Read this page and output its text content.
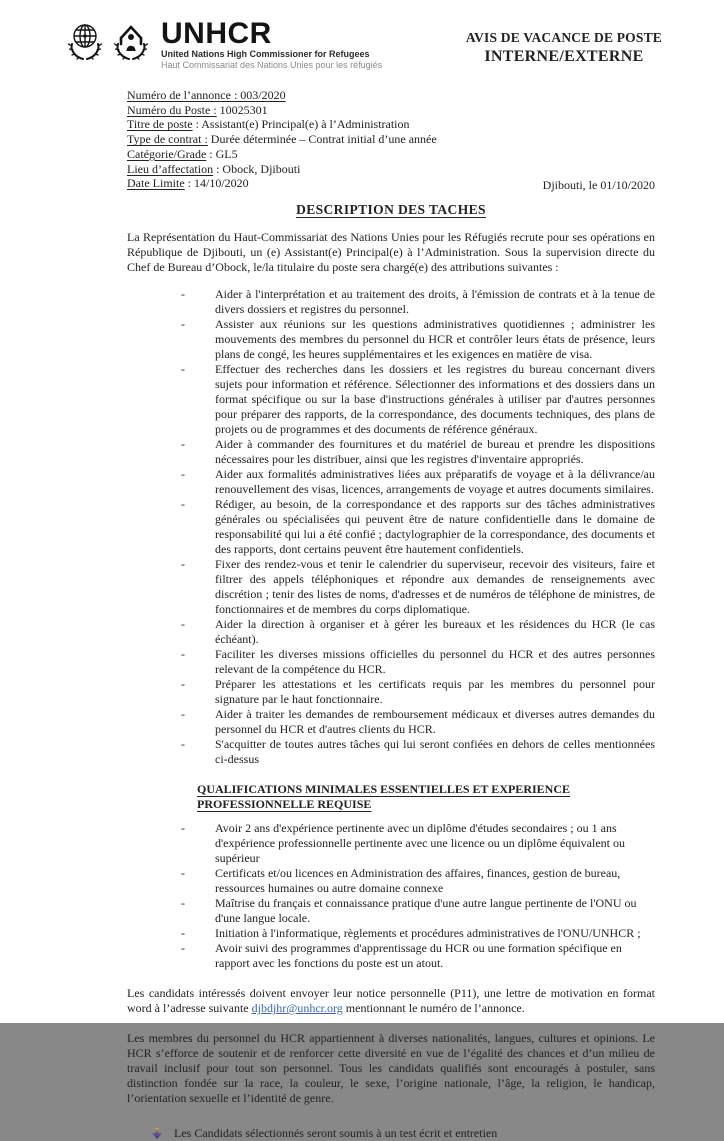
UNHCR
United Nations High Commissioner for Refugees
Haut Commissariat des Nations Unies pour les réfugiés
AVIS DE VACANCE DE POSTE
INTERNE/EXTERNE
Numéro de l’annonce : 003/2020
Numéro du Poste : 10025301
Titre de poste : Assistant(e) Principal(e) à l’Administration
Type de contrat : Durée déterminée – Contrat initial d’une année
Catégorie/Grade : GL5
Lieu d’affectation : Obock, Djibouti
Date Limite : 14/10/2020	Djibouti, le 01/10/2020
DESCRIPTION DES TACHES

La Représentation du Haut-Commissariat des Nations Unies pour les Réfugiés recrute pour ses opérations en République de Djibouti, un (e) Assistant(e) Principal(e) à l’Administration. Sous la supervision directe du Chef de Bureau d’Obock, le/la titulaire du poste sera chargé(e) des attributions suivantes :

- Aider à l'interprétation et au traitement des droits, à l'émission de contrats et à la tenue de divers dossiers et registres du personnel.
- Assister aux réunions sur les questions administratives quotidiennes ; administrer les mouvements des membres du personnel du HCR et contrôler leurs états de présence, leurs plans de congé, les heures supplémentaires et les exigences en matière de visa.
- Effectuer des recherches dans les dossiers et les registres du bureau concernant divers sujets pour information et référence. Sélectionner des informations et des dossiers dans un format spécifique ou sur la base d'instructions générales à utiliser par d'autres personnes pour préparer des rapports, de la correspondance, des documents techniques, des plans de projets ou de programmes et des documents de référence généraux.
- Aider à commander des fournitures et du matériel de bureau et prendre les dispositions nécessaires pour les distribuer, ainsi que les registres d'inventaire appropriés.
- Aider aux formalités administratives liées aux préparatifs de voyage et à la délivrance/au renouvellement des visas, licences, arrangements de voyage et autres documents similaires.
- Rédiger, au besoin, de la correspondance et des rapports sur des tâches administratives générales ou spécialisées qui peuvent être de nature confidentielle dans le domaine de responsabilité qui lui a été confié ; dactylographier de la correspondance, des documents et des rapports, dont certains peuvent être hautement confidentiels.
- Fixer des rendez-vous et tenir le calendrier du superviseur, recevoir des visiteurs, faire et filtrer des appels téléphoniques et répondre aux demandes de renseignements avec discrétion ; tenir des listes de noms, d'adresses et de numéros de téléphone de ministres, de fonctionnaires et de membres du corps diplomatique.
- Aider la direction à organiser et à gérer les bureaux et les résidences du HCR (le cas échéant).
- Faciliter les diverses missions officielles du personnel du HCR et des autres personnes relevant de la compétence du HCR.
- Préparer les attestations et les certificats requis par les membres du personnel pour signature par le haut fonctionnaire.
- Aider à traiter les demandes de remboursement médicaux et diverses autres demandes du personnel du HCR et d'autres clients du HCR.
- S'acquitter de toutes autres tâches qui lui seront confiées en dehors de celles mentionnées ci-dessus
QUALIFICATIONS MINIMALES ESSENTIELLES ET EXPERIENCE PROFESSIONNELLE REQUISE
- Avoir 2 ans d'expérience pertinente avec un diplôme d'études secondaires ; ou 1 ans d'expérience professionnelle pertinente avec une licence ou un diplôme équivalent ou supérieur
- Certificats et/ou licences en Administration des affaires, finances, gestion de bureau, ressources humaines ou autre domaine connexe
- Maîtrise du français et connaissance pratique d'une autre langue pertinente de l'ONU ou d'une langue locale.
- Initiation à l'informatique, règlements et procédures administratives de l'ONU/UNHCR ;
- Avoir suivi des programmes d'apprentissage du HCR ou une formation spécifique en rapport avec les fonctions du poste est un atout.

Les candidats intéressés doivent envoyer leur notice personnelle (P11), une lettre de motivation en format word à l’adresse suivante djbdjhr@unhcr.org mentionnant le numéro de l’annonce.

Les membres du personnel du HCR appartiennent à diverses nationalités, langues, cultures et opinions. Le HCR s’efforce de soutenir et de renforcer cette diversité en vue de l’égalité des chances et d’un milieu de travail inclusif pour tout son personnel. Tous les candidats qualifiés sont encouragés à postuler, sans distinction fondée sur la race, la couleur, le sexe, l’origine nationale, l’âge, la religion, le handicap, l’orientation sexuelle et l’identité de genre.

Les Candidats sélectionnés seront soumis à un test écrit et entretien
